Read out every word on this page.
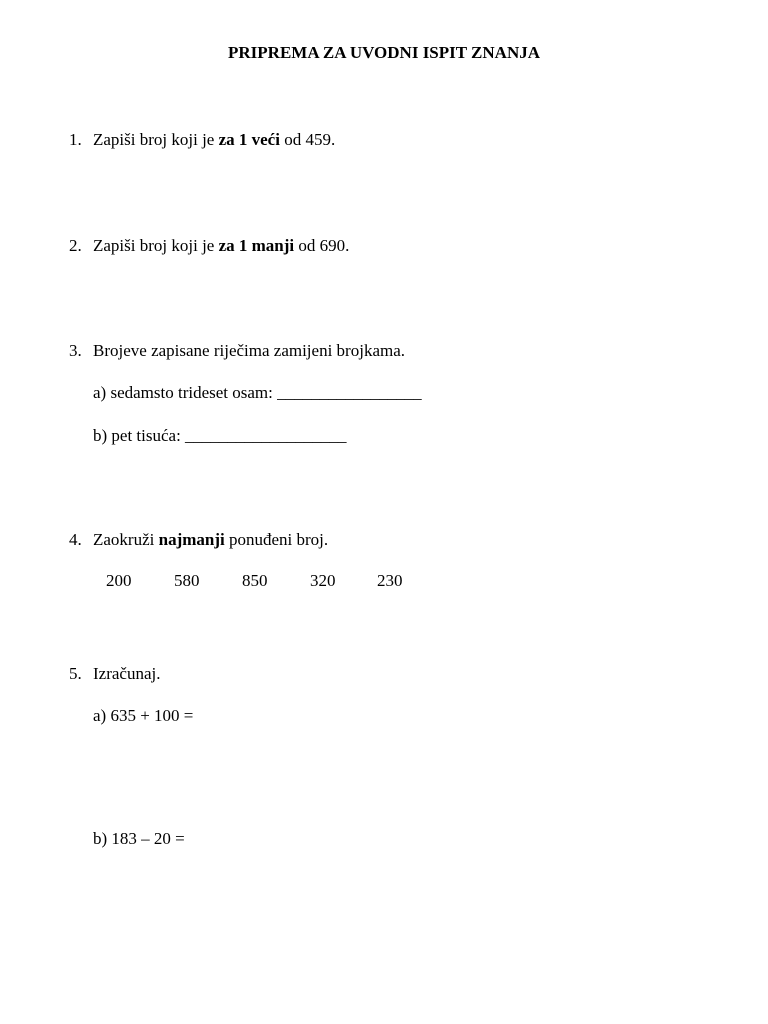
PRIPREMA ZA UVODNI ISPIT ZNANJA
1. Zapiši broj koji je za 1 veći od 459.
2. Zapiši broj koji je za 1 manji od 690.
3. Brojeve zapisane riječima zamijeni brojkama.
a) sedamsto trideset osam: _________________
b) pet tisuća: ___________________
4. Zaokruži najmanji ponuđeni broj.
200	580	850	320 230
5. Izračunaj.
a) 635 + 100 =
b) 183 – 20 =
